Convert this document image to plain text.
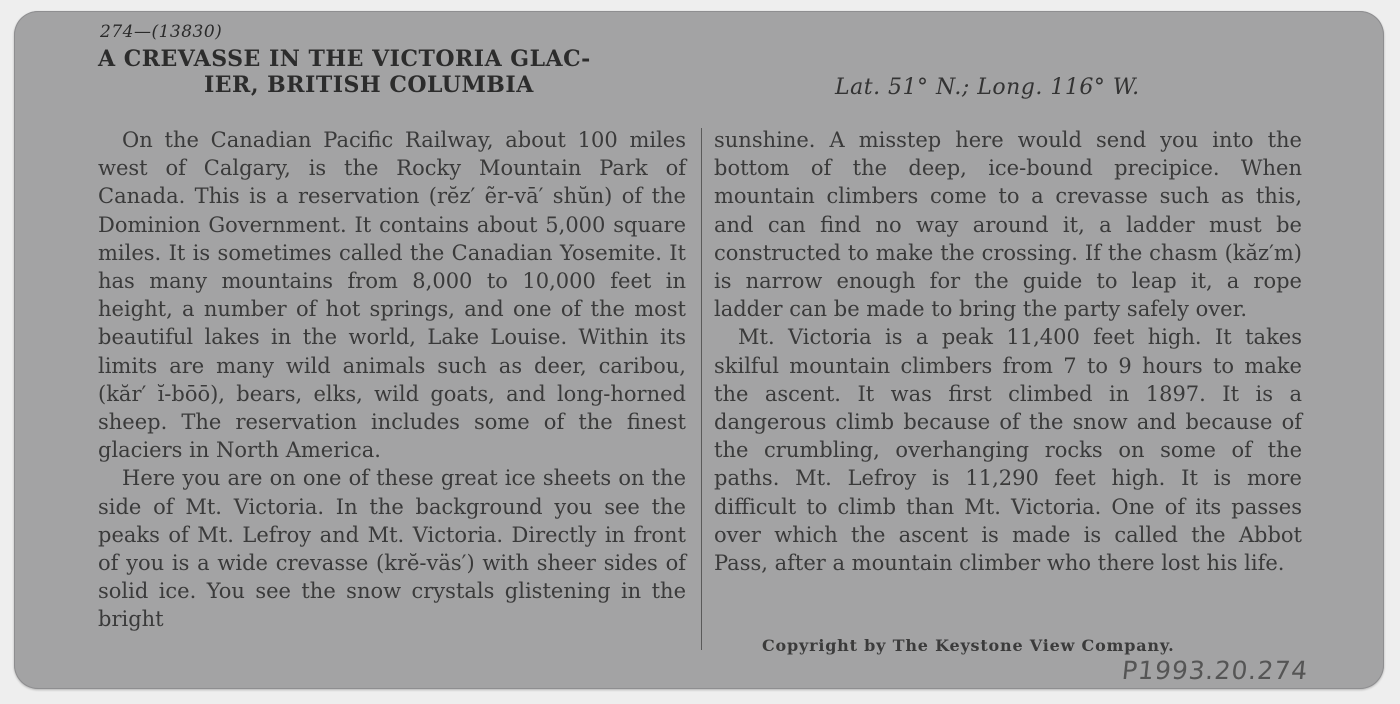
274—(13830)
A CREVASSE IN THE VICTORIA GLAC-
IER, BRITISH COLUMBIA	Lat. 51° N.; Long. 116° W.

On the Canadian Pacific Railway, about 100 miles west of Calgary, is the Rocky Mountain Park of Canada. This is a reservation (rĕz′ ẽr-vā′ shŭn) of the Dominion Government. It contains about 5,000 square miles. It is sometimes called the Canadian Yosemite. It has many mountains from 8,000 to 10,000 feet in height, a number of hot springs, and one of the most beautiful lakes in the world, Lake Louise. Within its limits are many wild animals such as deer, caribou, (kăr′ ĭ-bōō), bears, elks, wild goats, and long-horned sheep. The reservation includes some of the finest glaciers in North America.

Here you are on one of these great ice sheets on the side of Mt. Victoria. In the background you see the peaks of Mt. Lefroy and Mt. Victoria. Directly in front of you is a wide crevasse (krĕ-väs′) with sheer sides of solid ice. You see the snow crystals glistening in the bright

sunshine. A misstep here would send you into the bottom of the deep, ice-bound precipice. When mountain climbers come to a crevasse such as this, and can find no way around it, a ladder must be constructed to make the crossing. If the chasm (kăz′m) is narrow enough for the guide to leap it, a rope ladder can be made to bring the party safely over.

Mt. Victoria is a peak 11,400 feet high. It takes skilful mountain climbers from 7 to 9 hours to make the ascent. It was first climbed in 1897. It is a dangerous climb because of the snow and because of the crumbling, overhanging rocks on some of the paths. Mt. Lefroy is 11,290 feet high. It is more difficult to climb than Mt. Victoria. One of its passes over which the ascent is made is called the Abbot Pass, after a mountain climber who there lost his life.

Copyright by The Keystone View Company.
P1993.20.274
